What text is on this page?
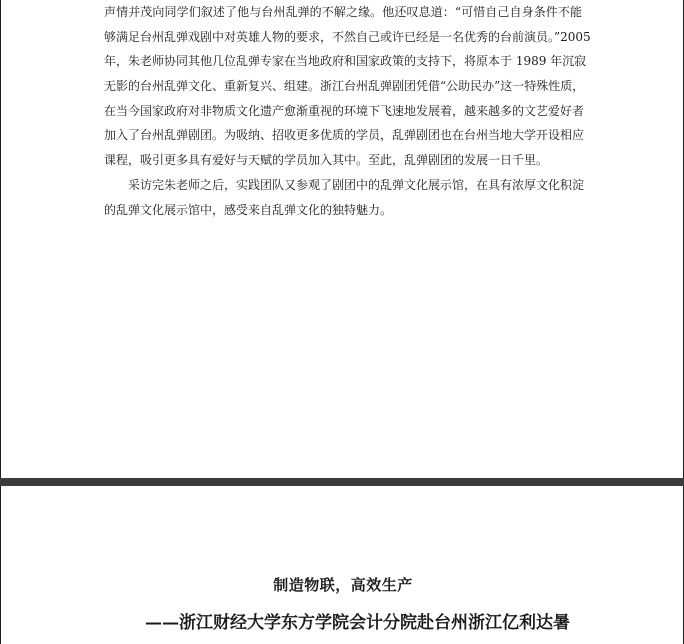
声情并茂向同学们叙述了他与台州乱弹的不解之缘。他还叹息道：“可惜自己自身条件不能
够满足台州乱弹戏剧中对英雄人物的要求，不然自己或许已经是一名优秀的台前演员。”2005
年，朱老师协同其他几位乱弹专家在当地政府和国家政策的支持下，将原本于 1989 年沉寂
无影的台州乱弹文化、重新复兴、组建。浙江台州乱弹剧团凭借“公助民办”这一特殊性质，
在当今国家政府对非物质文化遗产愈渐重视的环境下飞速地发展着，越来越多的文艺爱好者
加入了台州乱弹剧团。为吸纳、招收更多优质的学员，乱弹剧团也在台州当地大学开设相应
课程，吸引更多具有爱好与天赋的学员加入其中。至此，乱弹剧团的发展一日千里。

采访完朱老师之后，实践团队又参观了剧团中的乱弹文化展示馆，在具有浓厚文化积淀
的乱弹文化展示馆中，感受来自乱弹文化的独特魅力。

制造物联，高效生产
——浙江财经大学东方学院会计分院赴台州浙江亿利达暑
